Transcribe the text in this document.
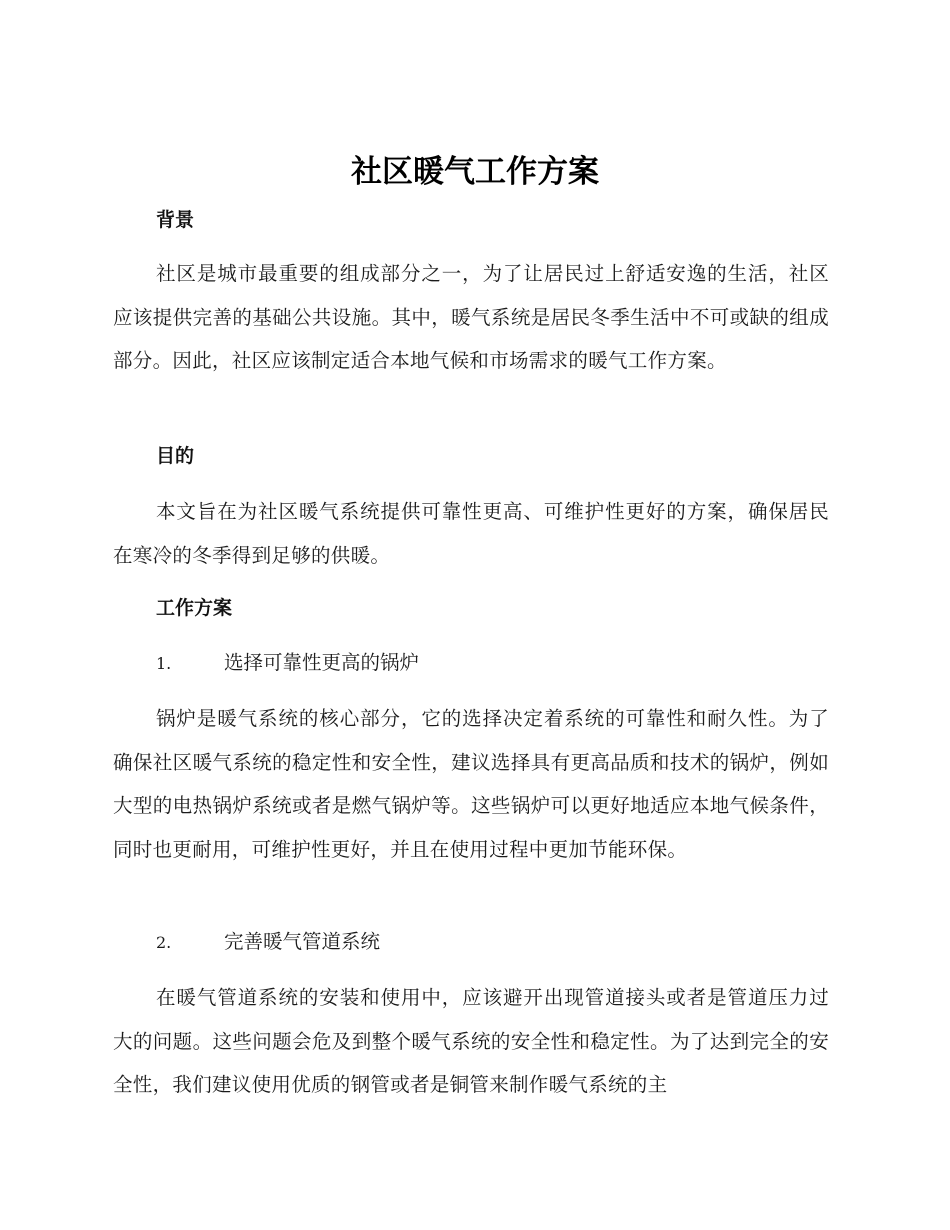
社区暖气工作方案
背景
社区是城市最重要的组成部分之一，为了让居民过上舒适安逸的生活，社区应该提供完善的基础公共设施。其中，暖气系统是居民冬季生活中不可或缺的组成部分。因此，社区应该制定适合本地气候和市场需求的暖气工作方案。
目的
本文旨在为社区暖气系统提供可靠性更高、可维护性更好的方案，确保居民在寒冷的冬季得到足够的供暖。
工作方案
1.	选择可靠性更高的锅炉
锅炉是暖气系统的核心部分，它的选择决定着系统的可靠性和耐久性。为了确保社区暖气系统的稳定性和安全性，建议选择具有更高品质和技术的锅炉，例如大型的电热锅炉系统或者是燃气锅炉等。这些锅炉可以更好地适应本地气候条件，同时也更耐用，可维护性更好，并且在使用过程中更加节能环保。
2.	完善暖气管道系统
在暖气管道系统的安装和使用中，应该避开出现管道接头或者是管道压力过大的问题。这些问题会危及到整个暖气系统的安全性和稳定性。为了达到完全的安全性，我们建议使用优质的钢管或者是铜管来制作暖气系统的主
